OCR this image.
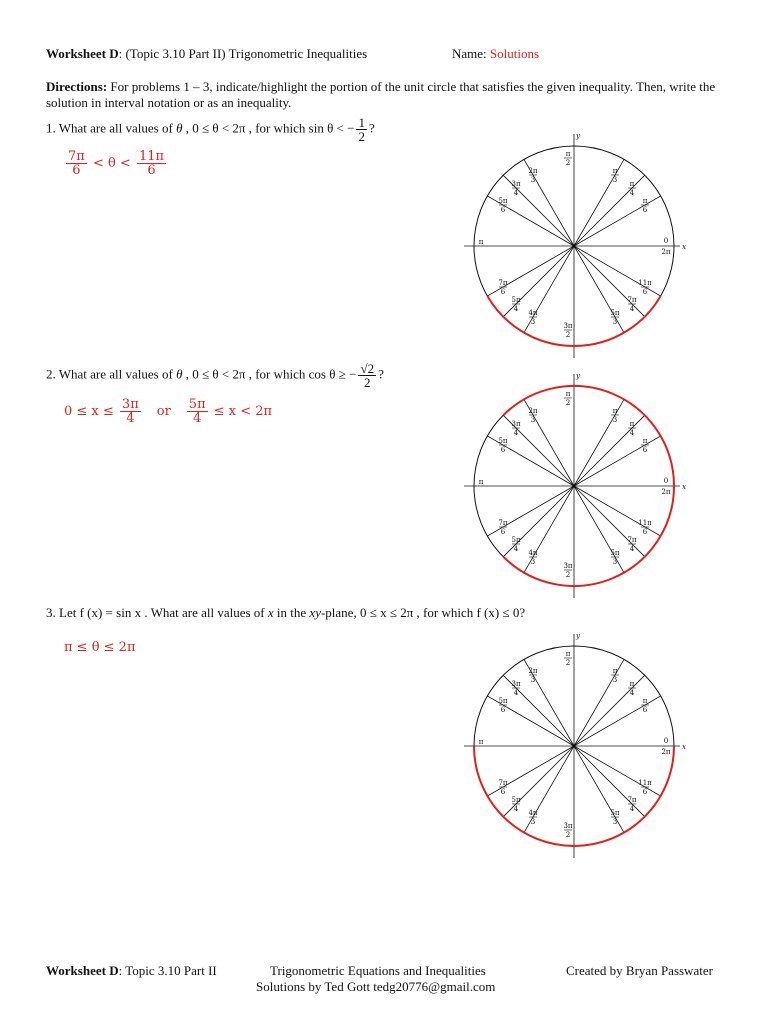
Worksheet D: (Topic 3.10 Part II) Trigonometric Inequalities	Name: Solutions
Directions: For problems 1 – 3, indicate/highlight the portion of the unit circle that satisfies the given inequality. Then, write the solution in interval notation or as an inequality.
1. What are all values of θ , 0 ≤ θ < 2π , for which sin θ < − $\frac{1}{2}$ ?
$\frac{7\pi}{6} < \theta < \frac{11\pi}{6}$
2. What are all values of θ , 0 ≤ θ < 2π , for which cos θ ≥ − $\frac{√2}{2}$ ?
$0 \le x \le \frac{3\pi}{4}$ or $\frac{5\pi}{4} \le x < 2\pi$
3. Let f (x) = sin x . What are all values of x in the xy-plane, 0 ≤ x ≤ 2π , for which f (x) ≤ 0?
π ≤ θ ≤ 2π
x
y
0
2π
π
6
π
4
π
3
π
2
2π
3
3π
4
5π
6
π
7π
6
5π
4
4π
3	3π
2
5π
3
7π
4
11π
6
x
y
0
2π
π
6
π
4
π
3
π
2
2π
3
3π
4
5π
6
π
7π
6
5π
4
4π
3	3π
2
5π
3
7π
4
11π
6
x
y
0
2π
π
6
π
4
π
3
π
2
2π
3
3π
4
5π
6
π
7π
6
5π
4
4π
3	3π
2
5π
3
7π
4
11π
6
Worksheet D: Topic 3.10 Part II	Trigonometric Equations and Inequalities	Created by Bryan Passwater
Solutions by Ted Gott tedg20776@gmail.com
